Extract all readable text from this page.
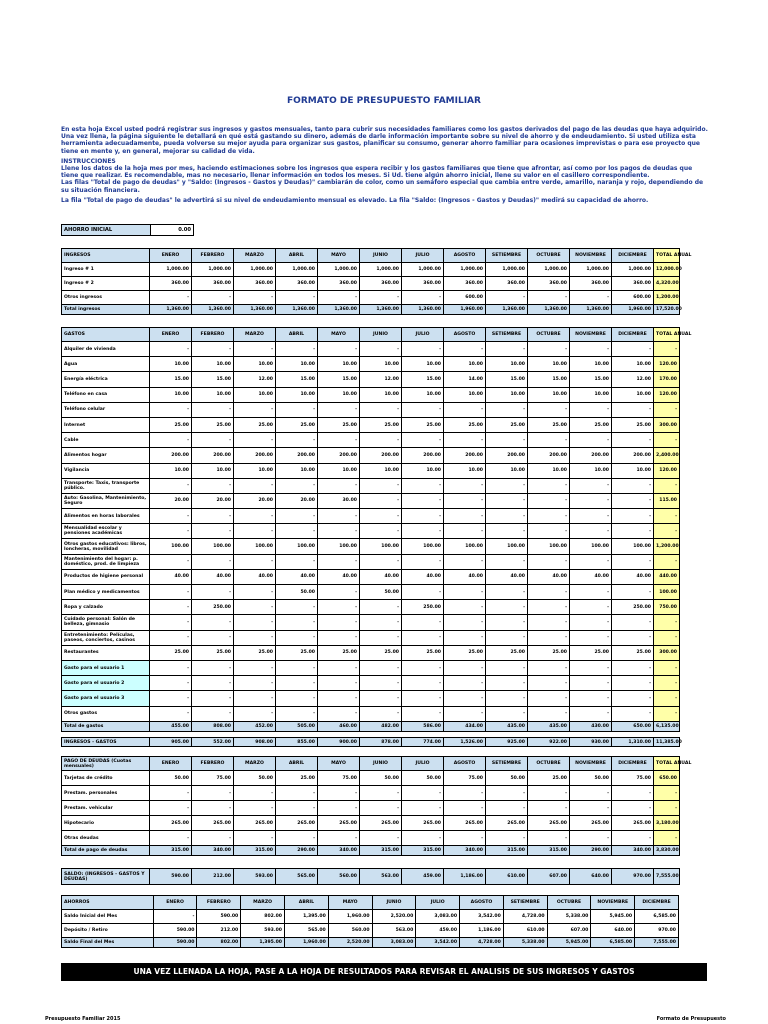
FORMATO DE PRESUPUESTO FAMILIAR

En esta hoja Excel usted podrá registrar sus ingresos y gastos mensuales, tanto para cubrir sus necesidades familiares como los gastos derivados del pago de las deudas que haya adquirido. Una vez llena, la página siguiente le detallará en qué está gastando su dinero, además de darle información importante sobre su nivel de ahorro y de endeudamiento. Si usted utiliza esta herramienta adecuadamente, pueda volverse su mejor ayuda para organizar sus gastos, planificar su consumo, generar ahorro familiar para ocasiones imprevistas o para ese proyecto que tiene en mente y, en general, mejorar su calidad de vida.

INSTRUCCIONES

Llene los datos de la hoja mes por mes, haciendo estimaciones sobre los ingresos que espera recibir y los gastos familiares que tiene que afrontar, así como por los pagos de deudas que tiene que realizar. Es recomendable, mas no necesario, llenar información en todos los meses. Si Ud. tiene algún ahorro inicial, llene su valor en el casillero correspondiente.

Las filas "Total de pago de deudas" y "Saldo: (Ingresos - Gastos y Deudas)" cambiarán de color, como un semáforo especial que cambia entre verde, amarillo, naranja y rojo, dependiendo de su situación financiera.

La fila "Total de pago de deudas" le advertirá si su nivel de endeudamiento mensual es elevado. La fila "Saldo: (Ingresos - Gastos y Deudas)" medirá su capacidad de ahorro.

AHORRO INICIAL	0.00
INGRESOS	ENERO	FEBRERO	MARZO	ABRIL	MAYO	JUNIO	JULIO	AGOSTO	SETIEMBRE	OCTUBRE	NOVIEMBRE	DICIEMBRE	TOTAL ANUAL
Ingreso # 1	1,000.00	1,000.00	1,000.00	1,000.00	1,000.00	1,000.00	1,000.00	1,000.00	1,000.00	1,000.00	1,000.00	1,000.00	12,000.00
Ingreso # 2	360.00	360.00	360.00	360.00	360.00	360.00	360.00	360.00	360.00	360.00	360.00	360.00	4,320.00
Otros ingresos	-	-	-	-	-	-	-	600.00	-	-	-	600.00	1,200.00
Total ingresos	1,360.00	1,360.00	1,360.00	1,360.00	1,360.00	1,360.00	1,360.00	1,960.00	1,360.00	1,360.00	1,360.00	1,960.00	17,520.00
GASTOS	ENERO	FEBRERO	MARZO	ABRIL	MAYO	JUNIO	JULIO	AGOSTO	SETIEMBRE	OCTUBRE	NOVIEMBRE	DICIEMBRE	TOTAL ANUAL
Alquiler de vivienda	-	-	-	-	-	-	-	-	-	-	-	-	-
Agua	10.00	10.00	10.00	10.00	10.00	10.00	10.00	10.00	10.00	10.00	10.00	10.00	120.00
Energía eléctrica	15.00	15.00	12.00	15.00	15.00	12.00	15.00	14.00	15.00	15.00	15.00	12.00	170.00
Teléfono en casa	10.00	10.00	10.00	10.00	10.00	10.00	10.00	10.00	10.00	10.00	10.00	10.00	120.00
Teléfono celular	-	-	-	-	-	-	-	-	-	-	-	-	-
Internet	25.00	25.00	25.00	25.00	25.00	25.00	25.00	25.00	25.00	25.00	25.00	25.00	300.00
Cable	-	-	-	-	-	-	-	-	-	-	-	-	-
Alimentos hogar	200.00	200.00	200.00	200.00	200.00	200.00	200.00	200.00	200.00	200.00	200.00	200.00	2,400.00
Vigilancia	10.00	10.00	10.00	10.00	10.00	10.00	10.00	10.00	10.00	10.00	10.00	10.00	120.00
Transporte: Taxis, transporte público.	-	-	-	-	-	-	-	-	-	-	-	-	-
Auto: Gasolina, Mantenimiento, Seguro	20.00	20.00	20.00	20.00	30.00	-	-	-	-	-	-	-	115.00
Alimentos en horas laborales	-	-	-	-	-	-	-	-	-	-	-	-	-
Mensualidad escolar y pensiones académicas	-	-	-	-	-	-	-	-	-	-	-	-	-
Otros gastos educativos: libros, loncheras, movilidad	100.00	100.00	100.00	100.00	100.00	100.00	100.00	100.00	100.00	100.00	100.00	100.00	1,200.00
Mantenimiento del hogar: p. doméstico, prod. de limpieza	-	-	-	-	-	-	-	-	-	-	-	-	-
Productos de higiene personal	40.00	40.00	40.00	40.00	40.00	40.00	40.00	40.00	40.00	40.00	40.00	40.00	440.00
Plan médico y medicamentos	-	-	-	50.00	-	50.00	-	-	-	-	-	-	100.00
Ropa y calzado	-	250.00	-	-	-	-	250.00	-	-	-	-	250.00	750.00
Cuidado personal: Salón de belleza, gimnasio	-	-	-	-	-	-	-	-	-	-	-	-	-
Entretenimiento: Películas, paseos, conciertos, casinos	-	-	-	-	-	-	-	-	-	-	-	-	-
Restaurantes	25.00	25.00	25.00	25.00	25.00	25.00	25.00	25.00	25.00	25.00	25.00	25.00	300.00
Gasto para el usuario 1	-	-	-	-	-	-	-	-	-	-	-	-	-
Gasto para el usuario 2	-	-	-	-	-	-	-	-	-	-	-	-	-
Gasto para el usuario 3	-	-	-	-	-	-	-	-	-	-	-	-	-
Otros gastos	-	-	-	-	-	-	-	-	-	-	-	-	-
Total de gastos	455.00	808.00	452.00	505.00	460.00	482.00	586.00	434.00	435.00	435.00	430.00	650.00	6,135.00
INGRESOS - GASTOS	905.00	552.00	908.00	855.00	900.00	878.00	774.00	1,526.00	925.00	922.00	930.00	1,310.00	11,385.00
PAGO DE DEUDAS (Cuotas mensuales)	ENERO	FEBRERO	MARZO	ABRIL	MAYO	JUNIO	JULIO	AGOSTO	SETIEMBRE	OCTUBRE	NOVIEMBRE	DICIEMBRE	TOTAL ANUAL
Tarjetas de crédito	50.00	75.00	50.00	25.00	75.00	50.00	50.00	75.00	50.00	25.00	50.00	75.00	650.00
Prestam. personales	-	-	-	-	-	-	-	-	-	-	-	-	-
Prestam. vehicular	-	-	-	-	-	-	-	-	-	-	-	-	-
Hipotecario	265.00	265.00	265.00	265.00	265.00	265.00	265.00	265.00	265.00	265.00	265.00	265.00	3,180.00
Otras deudas	-	-	-	-	-	-	-	-	-	-	-	-	-
Total de pago de deudas	315.00	340.00	315.00	290.00	340.00	315.00	315.00	340.00	315.00	315.00	290.00	340.00	3,830.00
SALDO: (INGRESOS - GASTOS Y DEUDAS)	590.00	212.00	593.00	565.00	560.00	563.00	459.00	1,186.00	610.00	607.00	640.00	970.00	7,555.00
AHORROS	ENERO	FEBRERO	MARZO	ABRIL	MAYO	JUNIO	JULIO	AGOSTO	SETIEMBRE	OCTUBRE	NOVIEMBRE	DICIEMBRE
Saldo Inicial del Mes	-	590.00	802.00	1,395.00	1,960.00	2,520.00	3,083.00	3,542.00	4,728.00	5,338.00	5,945.00	6,585.00
Depósito / Retiro	590.00	212.00	593.00	565.00	560.00	563.00	459.00	1,186.00	610.00	607.00	640.00	970.00
Saldo Final del Mes	590.00	802.00	1,395.00	1,960.00	2,520.00	3,083.00	3,542.00	4,728.00	5,338.00	5,945.00	6,585.00	7,555.00
UNA VEZ LLENADA LA HOJA, PASE A LA HOJA DE RESULTADOS PARA REVISAR EL ANALISIS DE SUS INGRESOS Y GASTOS
Presupuesto Familiar 2015	Formato de Presupuesto
